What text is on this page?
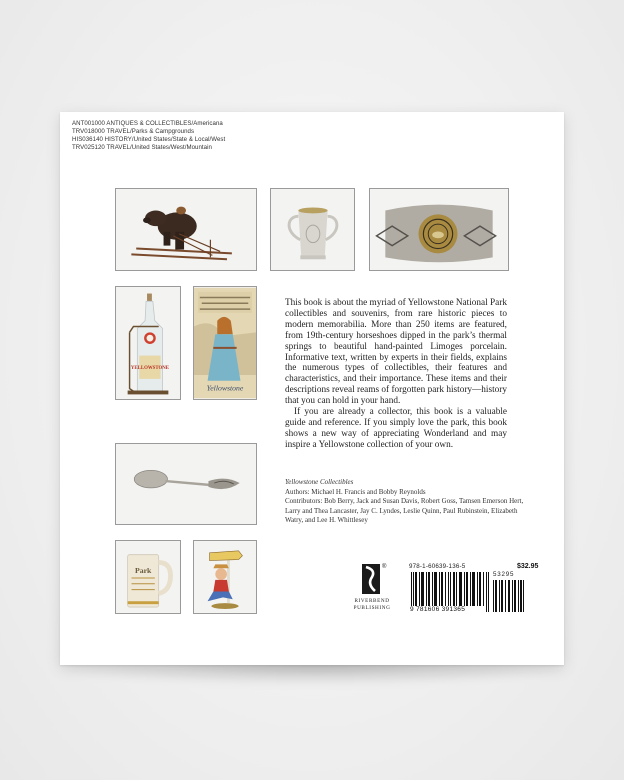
ANT001000 ANTIQUES & COLLECTIBLES/Americana
TRV018000 TRAVEL/Parks & Campgrounds
HIS036140 HISTORY/United States/State & Local/West
TRV025120 TRAVEL/United States/West/Mountain
YELLOWSTONE
Yellowstone
Park

This book is about the myriad of Yellowstone National Park collectibles and souvenirs, from rare historic pieces to modern memorabilia. More than 250 items are featured, from 19th-century horseshoes dipped in the park’s thermal springs to beautiful hand-painted Limoges porcelain. Informative text, written by experts in their fields, explains the numerous types of collectibles, their features and characteristics, and their importance. These items and their descriptions reveal reams of forgotten park history—history that you can hold in your hand.

If you are already a collector, this book is a valuable guide and reference. If you simply love the park, this book shows a new way of appreciating Wonderland and may inspire a Yellowstone collection of your own.

Yellowstone Collectibles
Authors: Michael H. Francis and Bobby Reynolds
Contributors: Bob Berry, Jack and Susan Davis, Robert Goss, Tamsen Emerson Hert, Larry and Thea Lancaster, Jay C. Lyndes, Leslie Quinn, Paul Rubinstein, Elizabeth Watry, and Lee H. Whittlesey
®
RIVERBEND
PUBLISHING
978-1-60639-136-5	$32.95
53295
9 781606 391365
